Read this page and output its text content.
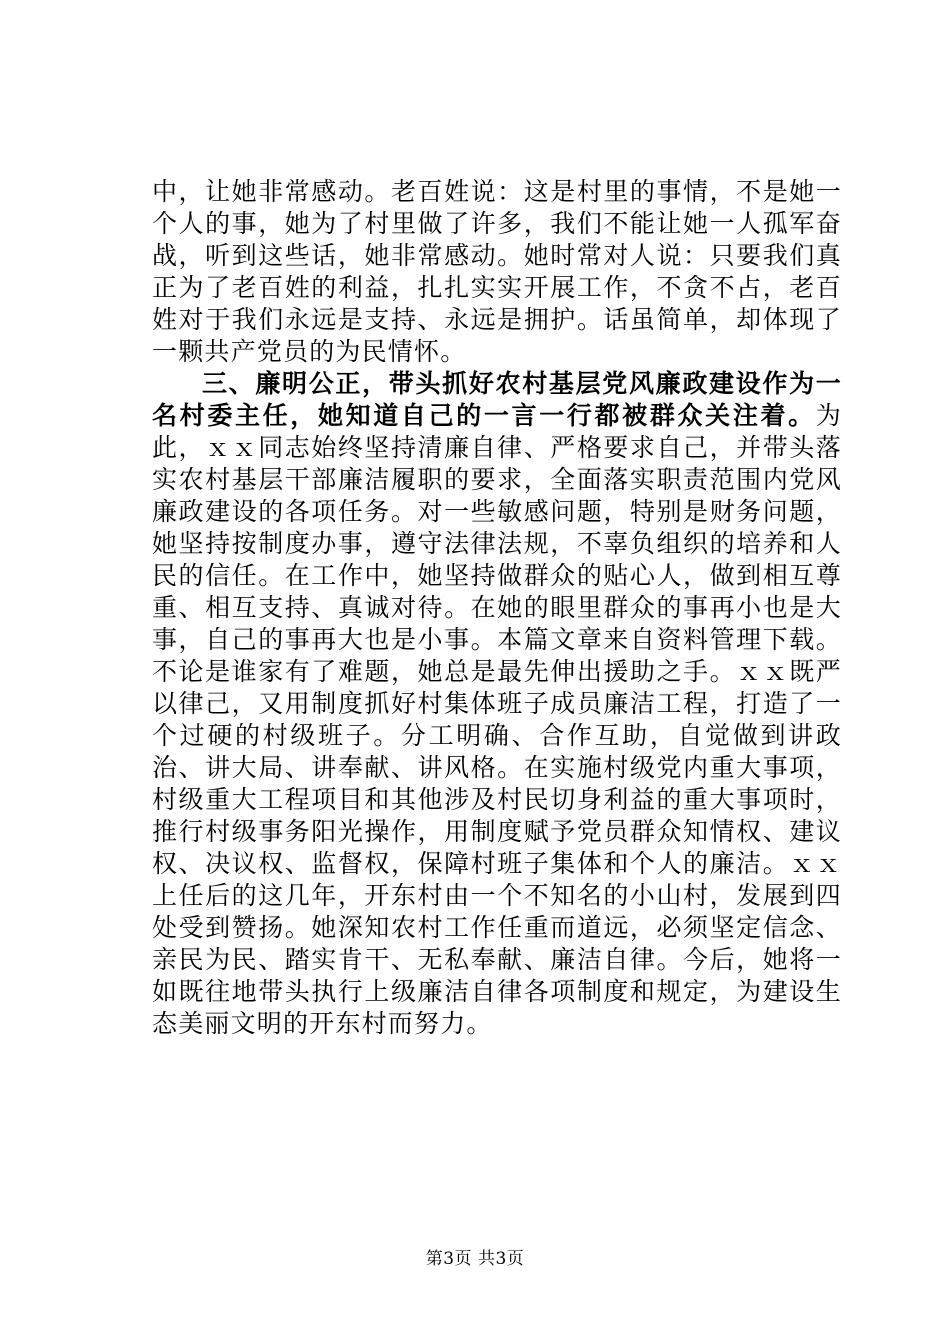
中，让她非常感动。老百姓说：这是村里的事情，不是她一个人的事，她为了村里做了许多，我们不能让她一人孤军奋战，听到这些话，她非常感动。她时常对人说：只要我们真正为了老百姓的利益，扎扎实实开展工作，不贪不占，老百姓对于我们永远是支持、永远是拥护。话虽简单，却体现了一颗共产党员的为民情怀。

三、廉明公正，带头抓好农村基层党风廉政建设作为一名村委主任，她知道自己的一言一行都被群众关注着。为此，ｘｘ同志始终坚持清廉自律、严格要求自己，并带头落实农村基层干部廉洁履职的要求，全面落实职责范围内党风廉政建设的各项任务。对一些敏感问题，特别是财务问题，她坚持按制度办事，遵守法律法规，不辜负组织的培养和人民的信任。在工作中，她坚持做群众的贴心人，做到相互尊重、相互支持、真诚对待。在她的眼里群众的事再小也是大事，自己的事再大也是小事。本篇文章来自资料管理下载。不论是谁家有了难题，她总是最先伸出援助之手。ｘｘ既严以律己，又用制度抓好村集体班子成员廉洁工程，打造了一个过硬的村级班子。分工明确、合作互助，自觉做到讲政治、讲大局、讲奉献、讲风格。在实施村级党内重大事项，村级重大工程项目和其他涉及村民切身利益的重大事项时，推行村级事务阳光操作，用制度赋予党员群众知情权、建议权、决议权、监督权，保障村班子集体和个人的廉洁。ｘｘ上任后的这几年，开东村由一个不知名的小山村，发展到四处受到赞扬。她深知农村工作任重而道远，必须坚定信念、亲民为民、踏实肯干、无私奉献、廉洁自律。今后，她将一如既往地带头执行上级廉洁自律各项制度和规定，为建设生态美丽文明的开东村而努力。

第3页 共3页
